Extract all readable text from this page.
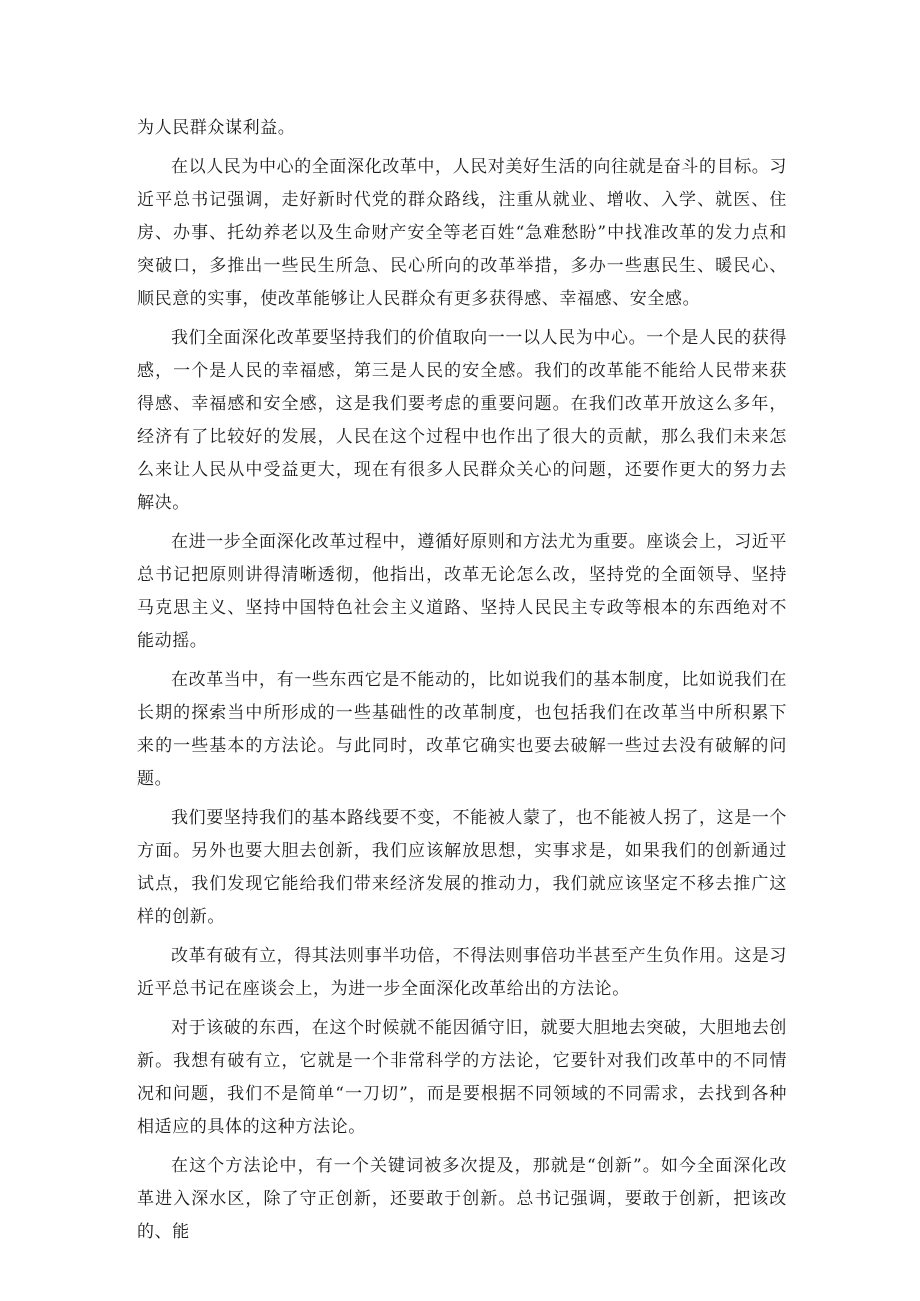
为人民群众谋利益。

在以人民为中心的全面深化改革中，人民对美好生活的向往就是奋斗的目标。习近平总书记强调，走好新时代党的群众路线，注重从就业、增收、入学、就医、住房、办事、托幼养老以及生命财产安全等老百姓“急难愁盼”中找准改革的发力点和突破口，多推出一些民生所急、民心所向的改革举措，多办一些惠民生、暖民心、顺民意的实事，使改革能够让人民群众有更多获得感、幸福感、安全感。

我们全面深化改革要坚持我们的价值取向一一以人民为中心。一个是人民的获得感，一个是人民的幸福感，第三是人民的安全感。我们的改革能不能给人民带来获得感、幸福感和安全感，这是我们要考虑的重要问题。在我们改革开放这么多年，经济有了比较好的发展，人民在这个过程中也作出了很大的贡献，那么我们未来怎么来让人民从中受益更大，现在有很多人民群众关心的问题，还要作更大的努力去解决。

在进一步全面深化改革过程中，遵循好原则和方法尤为重要。座谈会上，习近平总书记把原则讲得清晰透彻，他指出，改革无论怎么改，坚持党的全面领导、坚持马克思主义、坚持中国特色社会主义道路、坚持人民民主专政等根本的东西绝对不能动摇。

在改革当中，有一些东西它是不能动的，比如说我们的基本制度，比如说我们在长期的探索当中所形成的一些基础性的改革制度，也包括我们在改革当中所积累下来的一些基本的方法论。与此同时，改革它确实也要去破解一些过去没有破解的问题。

我们要坚持我们的基本路线要不变，不能被人蒙了，也不能被人拐了，这是一个方面。另外也要大胆去创新，我们应该解放思想，实事求是，如果我们的创新通过试点，我们发现它能给我们带来经济发展的推动力，我们就应该坚定不移去推广这样的创新。

改革有破有立，得其法则事半功倍，不得法则事倍功半甚至产生负作用。这是习近平总书记在座谈会上，为进一步全面深化改革给出的方法论。

对于该破的东西，在这个时候就不能因循守旧，就要大胆地去突破，大胆地去创新。我想有破有立，它就是一个非常科学的方法论，它要针对我们改革中的不同情况和问题，我们不是简单“一刀切”，而是要根据不同领域的不同需求，去找到各种相适应的具体的这种方法论。

在这个方法论中，有一个关键词被多次提及，那就是“创新”。如今全面深化改革进入深水区，除了守正创新，还要敢于创新。总书记强调，要敢于创新，把该改的、能
